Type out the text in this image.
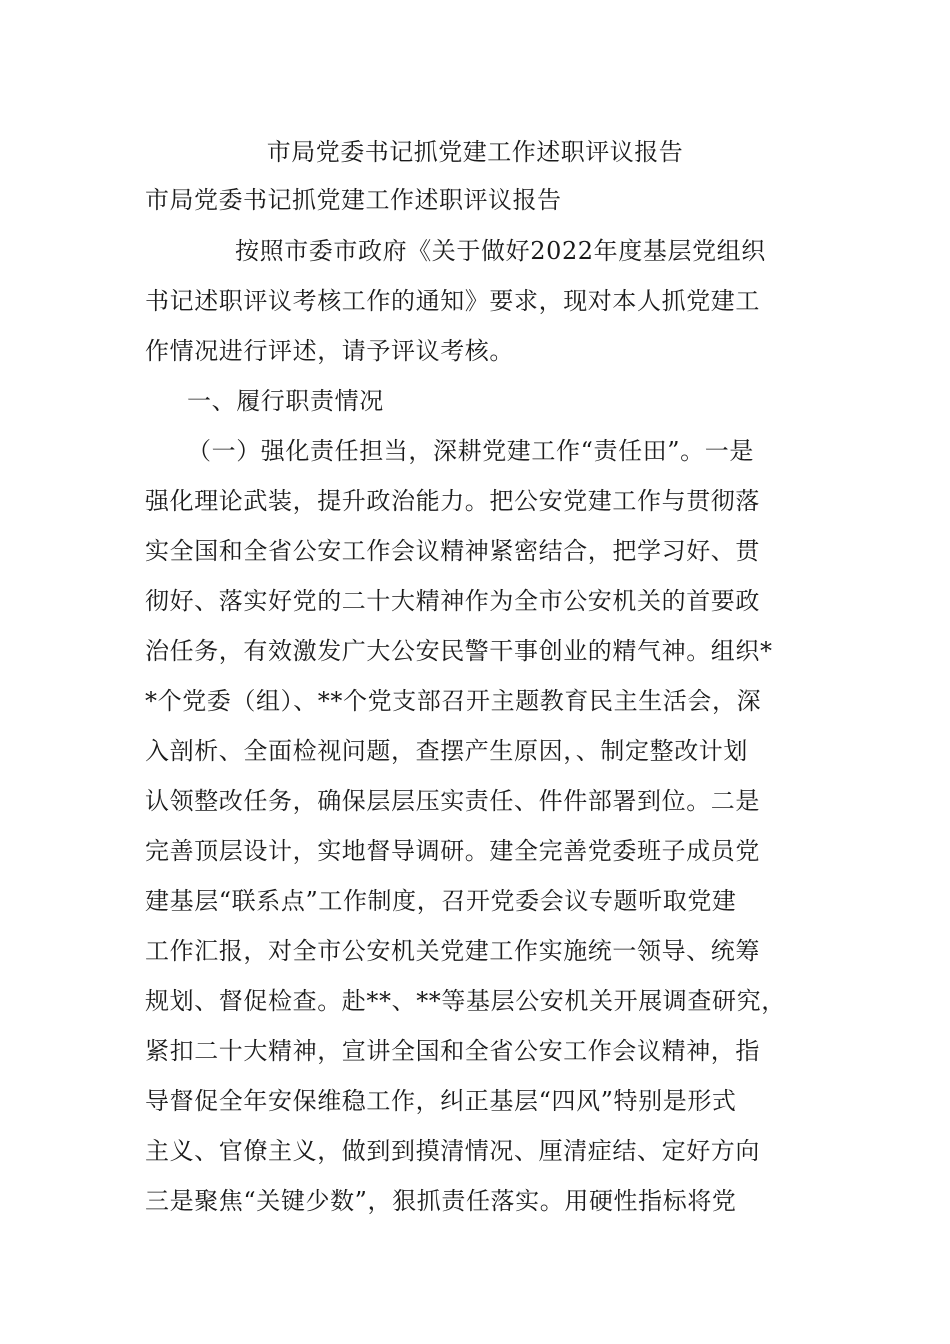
市局党委书记抓党建工作述职评议报告
市局党委书记抓党建工作述职评议报告
按照市委市政府《关于做好2022年度基层党组织
书记述职评议考核工作的通知》要求，现对本人抓党建工
作情况进行评述，请予评议考核。
一、履行职责情况
（一）强化责任担当，深耕党建工作“责任田”。一是
强化理论武装，提升政治能力。把公安党建工作与贯彻落
实全国和全省公安工作会议精神紧密结合，把学习好、贯
彻好、落实好党的二十大精神作为全市公安机关的首要政
治任务，有效激发广大公安民警干事创业的精气神。组织*
*个党委（组）、**个党支部召开主题教育民主生活会，深
入剖析、全面检视问题，查摆产生原因，、制定整改计划
认领整改任务，确保层层压实责任、件件部署到位。二是
完善顶层设计，实地督导调研。建全完善党委班子成员党
建基层“联系点”工作制度，召开党委会议专题听取党建
工作汇报，对全市公安机关党建工作实施统一领导、统筹
规划、督促检查。赴**、**等基层公安机关开展调查研究，
紧扣二十大精神，宣讲全国和全省公安工作会议精神，指
导督促全年安保维稳工作，纠正基层“四风”特别是形式
主义、官僚主义，做到到摸清情况、厘清症结、定好方向
三是聚焦“关键少数”，狠抓责任落实。用硬性指标将党
